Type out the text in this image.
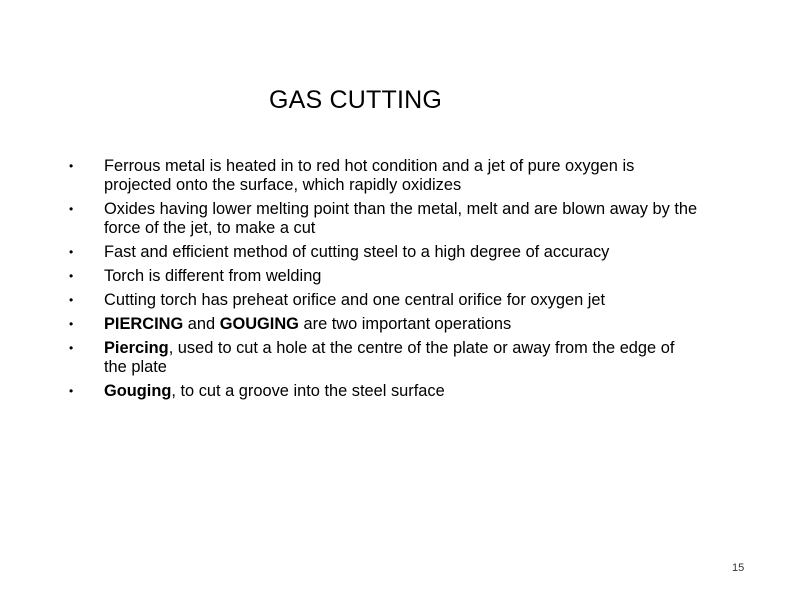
GAS CUTTING
• Ferrous metal is heated in to red hot condition and a jet of pure oxygen is projected onto the surface, which rapidly oxidizes
• Oxides having lower melting point than the metal, melt and are blown away by the force of the jet, to make a cut
• Fast and efficient method of cutting steel to a high degree of accuracy
• Torch is different from welding
• Cutting torch has preheat orifice and one central orifice for oxygen jet
• PIERCING and GOUGING are two important operations
• Piercing, used to cut a hole at the centre of the plate or away from the edge of the plate
• Gouging, to cut a groove into the steel surface
15
